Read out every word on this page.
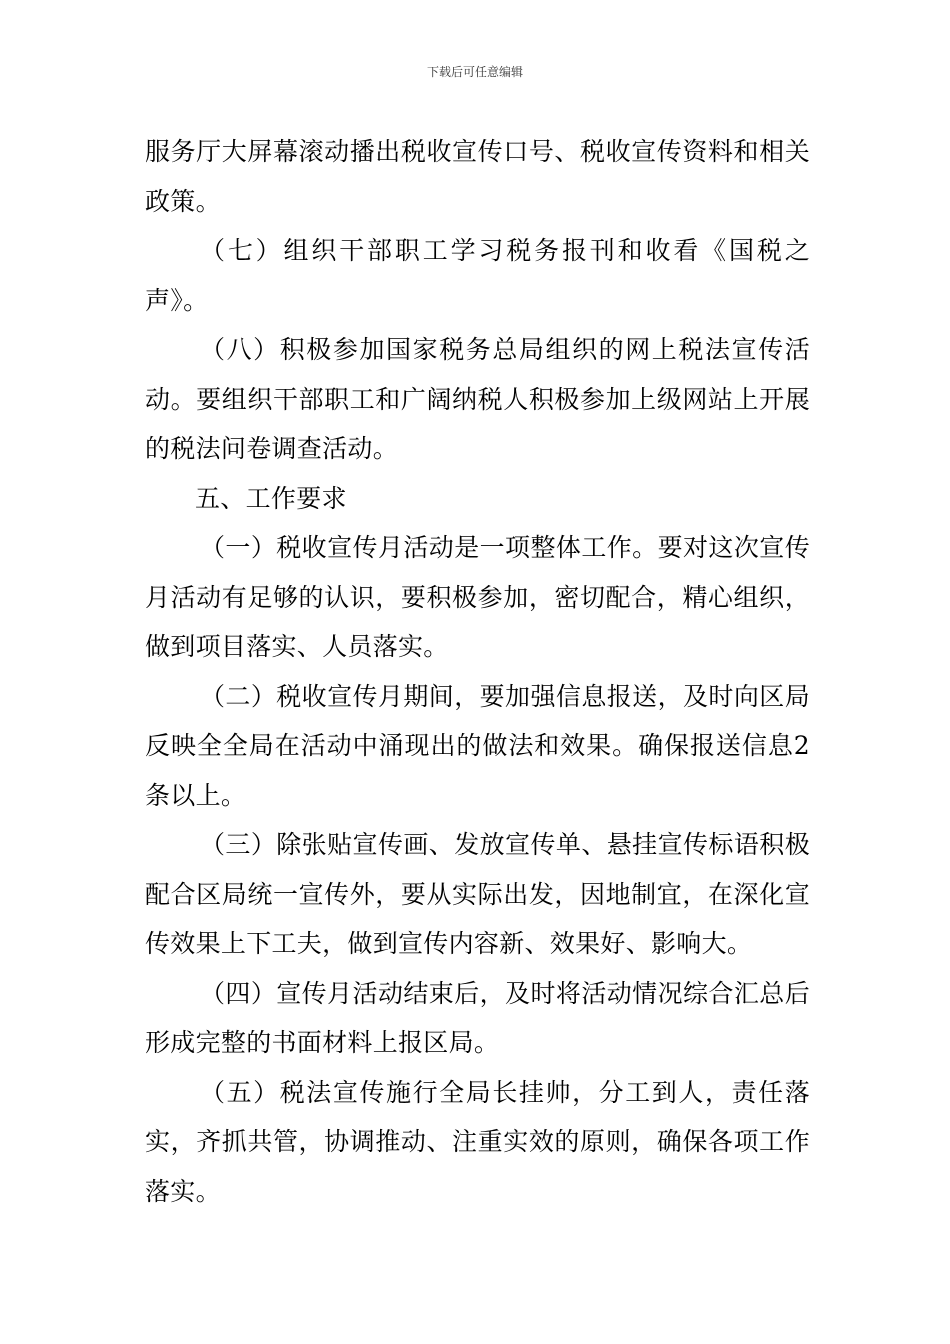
下载后可任意编辑

服务厅大屏幕滚动播出税收宣传口号、税收宣传资料和相关政策。

（七）组织干部职工学习税务报刊和收看《国税之声》。

（八）积极参加国家税务总局组织的网上税法宣传活动。要组织干部职工和广阔纳税人积极参加上级网站上开展的税法问卷调查活动。

五、工作要求

（一）税收宣传月活动是一项整体工作。要对这次宣传月活动有足够的认识，要积极参加，密切配合，精心组织，做到项目落实、人员落实。

（二）税收宣传月期间，要加强信息报送，及时向区局反映全全局在活动中涌现出的做法和效果。确保报送信息2条以上。

（三）除张贴宣传画、发放宣传单、悬挂宣传标语积极配合区局统一宣传外，要从实际出发，因地制宜，在深化宣传效果上下工夫，做到宣传内容新、效果好、影响大。

（四）宣传月活动结束后，及时将活动情况综合汇总后形成完整的书面材料上报区局。

（五）税法宣传施行全局长挂帅，分工到人，责任落实，齐抓共管，协调推动、注重实效的原则，确保各项工作落实。
